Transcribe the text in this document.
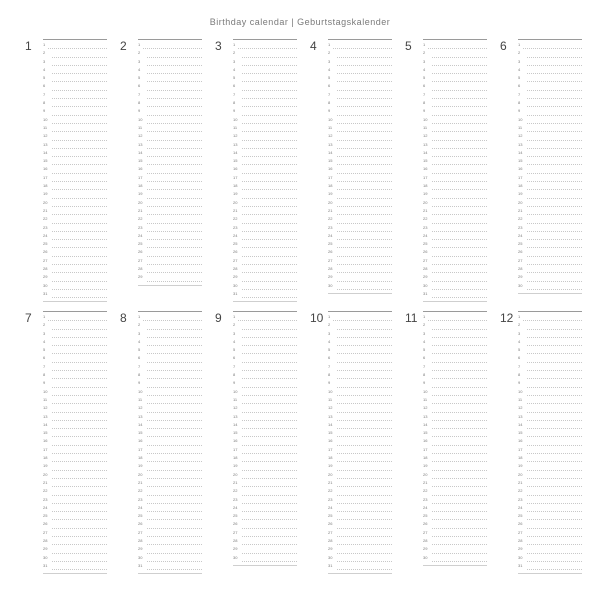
Birthday calendar | Geburtstagskalender
1	1
2
3
4
5
6
7
8
9
10
11
12
13
14
15
16
17
18
19
20
21
22
23
24
25
26
27
28
29
30
31
2	1
2
3
4
5
6
7
8
9
10
11
12
13
14
15
16
17
18
19
20
21
22
23
24
25
26
27
28
29
3	1
2
3
4
5
6
7
8
9
10
11
12
13
14
15
16
17
18
19
20
21
22
23
24
25
26
27
28
29
30
31
4	1
2
3
4
5
6
7
8
9
10
11
12
13
14
15
16
17
18
19
20
21
22
23
24
25
26
27
28
29
30
5	1
2
3
4
5
6
7
8
9
10
11
12
13
14
15
16
17
18
19
20
21
22
23
24
25
26
27
28
29
30
31
6	1
2
3
4
5
6
7
8
9
10
11
12
13
14
15
16
17
18
19
20
21
22
23
24
25
26
27
28
29
30
7	1
2
3
4
5
6
7
8
9
10
11
12
13
14
15
16
17
18
19
20
21
22
23
24
25
26
27
28
29
30
31
8	1
2
3
4
5
6
7
8
9
10
11
12
13
14
15
16
17
18
19
20
21
22
23
24
25
26
27
28
29
30
31
9	1
2
3
4
5
6
7
8
9
10
11
12
13
14
15
16
17
18
19
20
21
22
23
24
25
26
27
28
29
30
10 1
2
3
4
5
6
7
8
9
10
11
12
13
14
15
16
17
18
19
20
21
22
23
24
25
26
27
28
29
30
31
11 1
2
3
4
5
6
7
8
9
10
11
12
13
14
15
16
17
18
19
20
21
22
23
24
25
26
27
28
29
30
12 1
2
3
4
5
6
7
8
9
10
11
12
13
14
15
16
17
18
19
20
21
22
23
24
25
26
27
28
29
30
31
